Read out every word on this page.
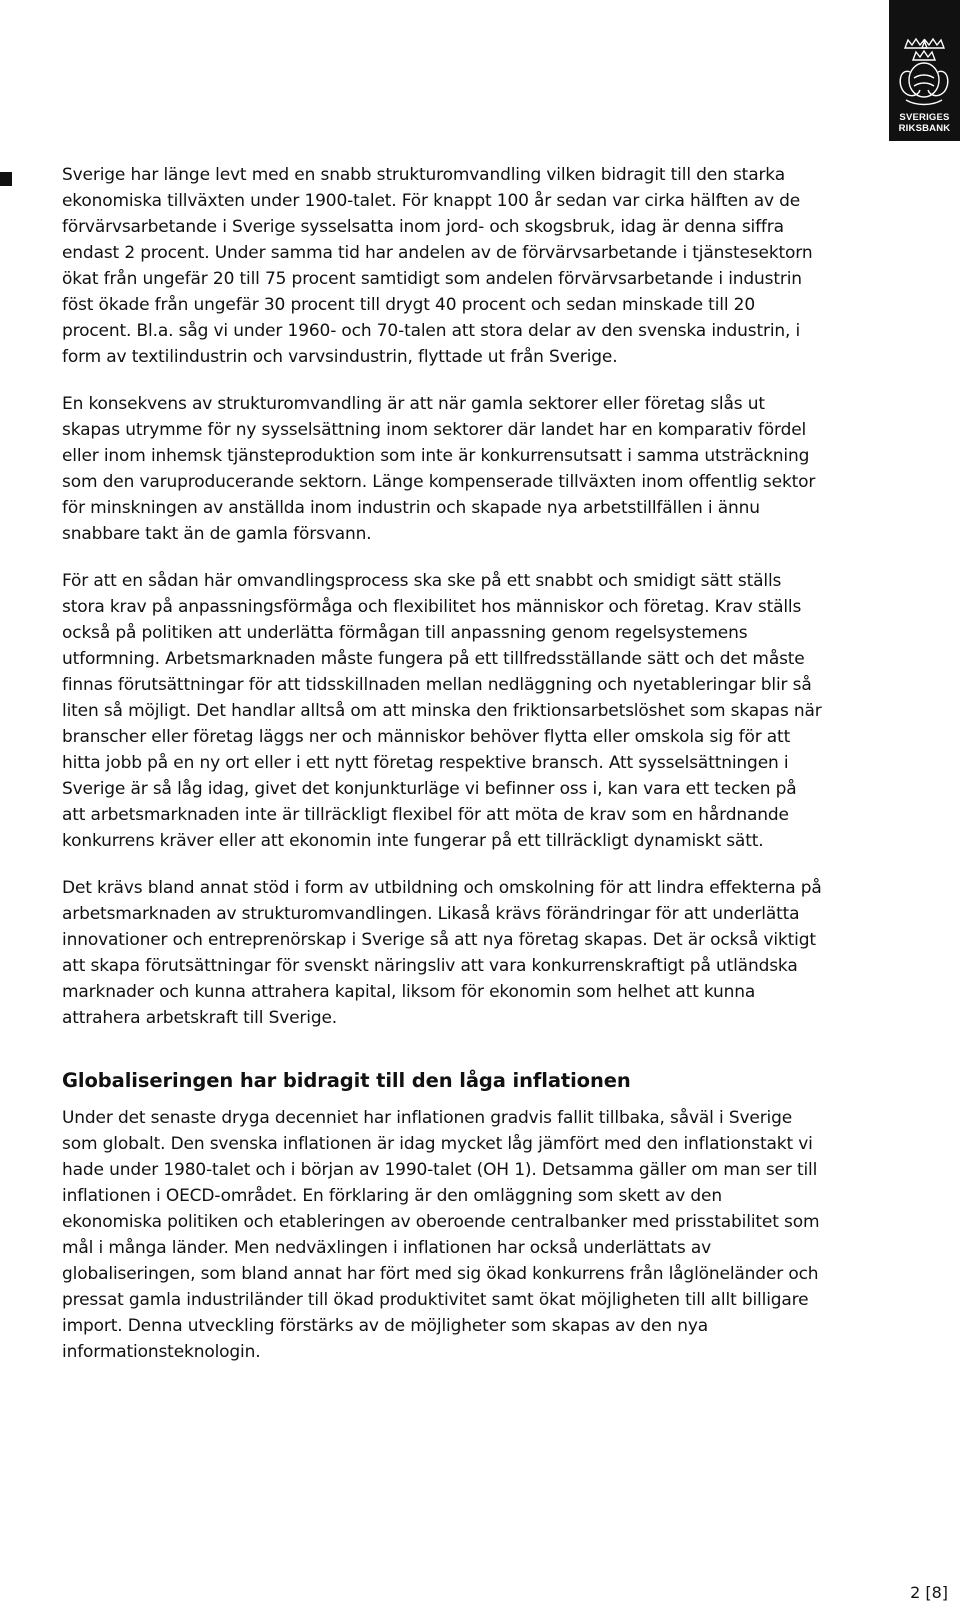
SVERIGES
RIKSBANK

Sverige har länge levt med en snabb strukturomvandling vilken bidragit till den starka ekonomiska tillväxten under 1900-talet. För knappt 100 år sedan var cirka hälften av de förvärvsarbetande i Sverige sysselsatta inom jord- och skogsbruk, idag är denna siffra endast 2 procent. Under samma tid har andelen av de förvärvsarbetande i tjänstesektorn ökat från ungefär 20 till 75 procent samtidigt som andelen förvärvsarbetande i industrin föst ökade från ungefär 30 procent till drygt 40 procent och sedan minskade till 20 procent. Bl.a. såg vi under 1960- och 70-talen att stora delar av den svenska industrin, i form av textilindustrin och varvsindustrin, flyttade ut från Sverige.

En konsekvens av strukturomvandling är att när gamla sektorer eller företag slås ut skapas utrymme för ny sysselsättning inom sektorer där landet har en komparativ fördel eller inom inhemsk tjänsteproduktion som inte är konkurrensutsatt i samma utsträckning som den varuproducerande sektorn. Länge kompenserade tillväxten inom offentlig sektor för minskningen av anställda inom industrin och skapade nya arbetstillfällen i ännu snabbare takt än de gamla försvann.

För att en sådan här omvandlingsprocess ska ske på ett snabbt och smidigt sätt ställs stora krav på anpassningsförmåga och flexibilitet hos människor och företag. Krav ställs också på politiken att underlätta förmågan till anpassning genom regelsystemens utformning. Arbetsmarknaden måste fungera på ett tillfredsställande sätt och det måste finnas förutsättningar för att tidsskillnaden mellan nedläggning och nyetableringar blir så liten så möjligt. Det handlar alltså om att minska den friktionsarbetslöshet som skapas när branscher eller företag läggs ner och människor behöver flytta eller omskola sig för att hitta jobb på en ny ort eller i ett nytt företag respektive bransch. Att sysselsättningen i Sverige är så låg idag, givet det konjunkturläge vi befinner oss i, kan vara ett tecken på att arbetsmarknaden inte är tillräckligt flexibel för att möta de krav som en hårdnande konkurrens kräver eller att ekonomin inte fungerar på ett tillräckligt dynamiskt sätt.

Det krävs bland annat stöd i form av utbildning och omskolning för att lindra effekterna på arbetsmarknaden av strukturomvandlingen. Likaså krävs förändringar för att underlätta innovationer och entreprenörskap i Sverige så att nya företag skapas. Det är också viktigt att skapa förutsättningar för svenskt näringsliv att vara konkurrenskraftigt på utländska marknader och kunna attrahera kapital, liksom för ekonomin som helhet att kunna attrahera arbetskraft till Sverige.

Globaliseringen har bidragit till den låga inflationen

Under det senaste dryga decenniet har inflationen gradvis fallit tillbaka, såväl i Sverige som globalt. Den svenska inflationen är idag mycket låg jämfört med den inflationstakt vi hade under 1980-talet och i början av 1990-talet (OH 1). Detsamma gäller om man ser till inflationen i OECD-området. En förklaring är den omläggning som skett av den ekonomiska politiken och etableringen av oberoende centralbanker med prisstabilitet som mål i många länder. Men nedväxlingen i inflationen har också underlättats av globaliseringen, som bland annat har fört med sig ökad konkurrens från låglöneländer och pressat gamla industriländer till ökad produktivitet samt ökat möjligheten till allt billigare import. Denna utveckling förstärks av de möjligheter som skapas av den nya informationsteknologin.

2 [8]
